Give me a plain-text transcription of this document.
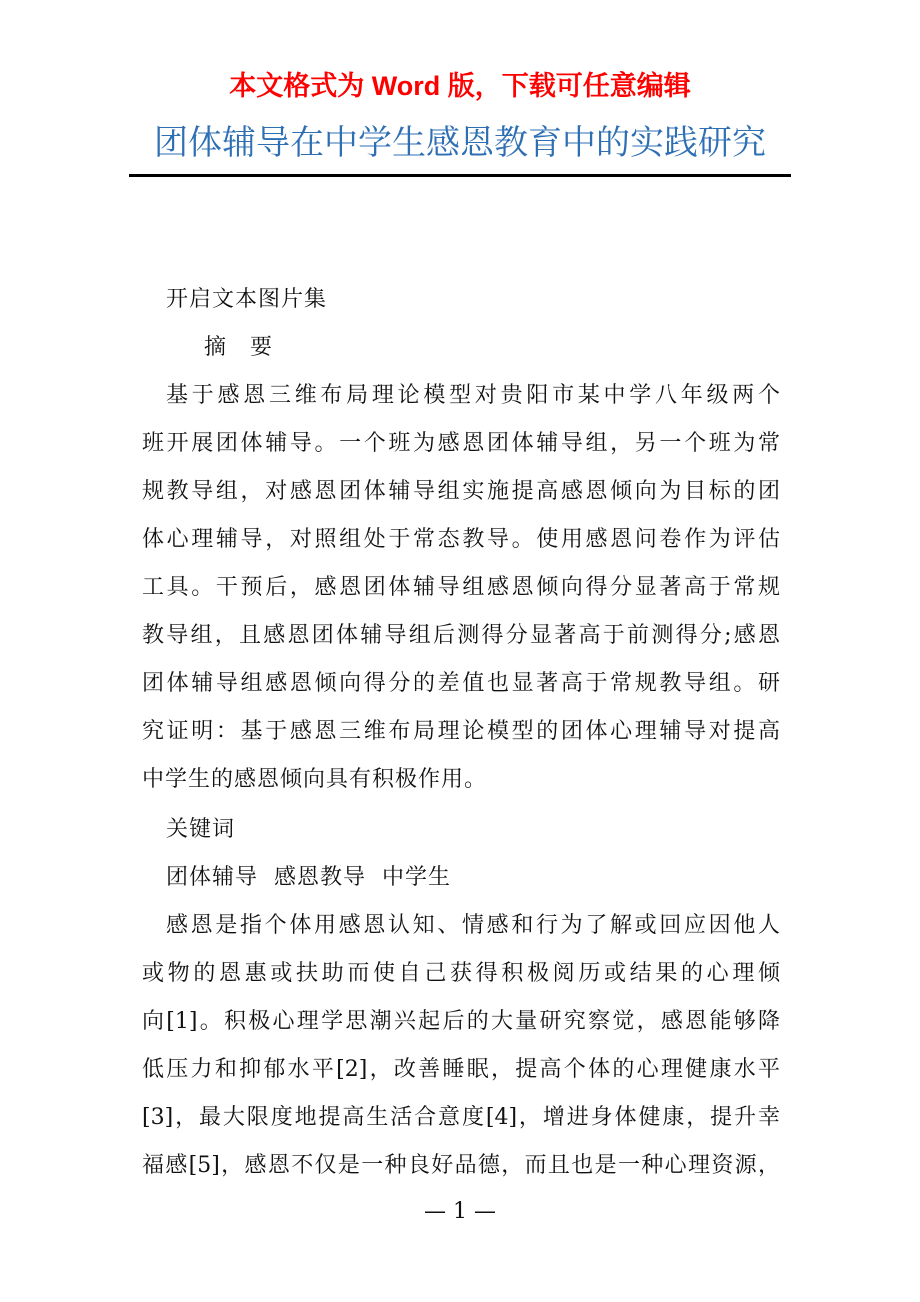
本文格式为 Word 版，下载可任意编辑
团体辅导在中学生感恩教育中的实践研究
开启文本图片集
摘　要
基于感恩三维布局理论模型对贵阳市某中学八年级两个
班开展团体辅导。一个班为感恩团体辅导组，另一个班为常
规教导组，对感恩团体辅导组实施提高感恩倾向为目标的团
体心理辅导，对照组处于常态教导。使用感恩问卷作为评估
工具。干预后，感恩团体辅导组感恩倾向得分显著高于常规
教导组，且感恩团体辅导组后测得分显著高于前测得分;感恩
团体辅导组感恩倾向得分的差值也显著高于常规教导组。研
究证明：基于感恩三维布局理论模型的团体心理辅导对提高
中学生的感恩倾向具有积极作用。
关键词
团体辅导  感恩教导  中学生
感恩是指个体用感恩认知、情感和行为了解或回应因他人
或物的恩惠或扶助而使自己获得积极阅历或结果的心理倾
向[1]。积极心理学思潮兴起后的大量研究察觉，感恩能够降
低压力和抑郁水平[2]，改善睡眠，提高个体的心理健康水平
[3]，最大限度地提高生活合意度[4]，增进身体健康，提升幸
福感[5]，感恩不仅是一种良好品德，而且也是一种心理资源，
— 1 —
